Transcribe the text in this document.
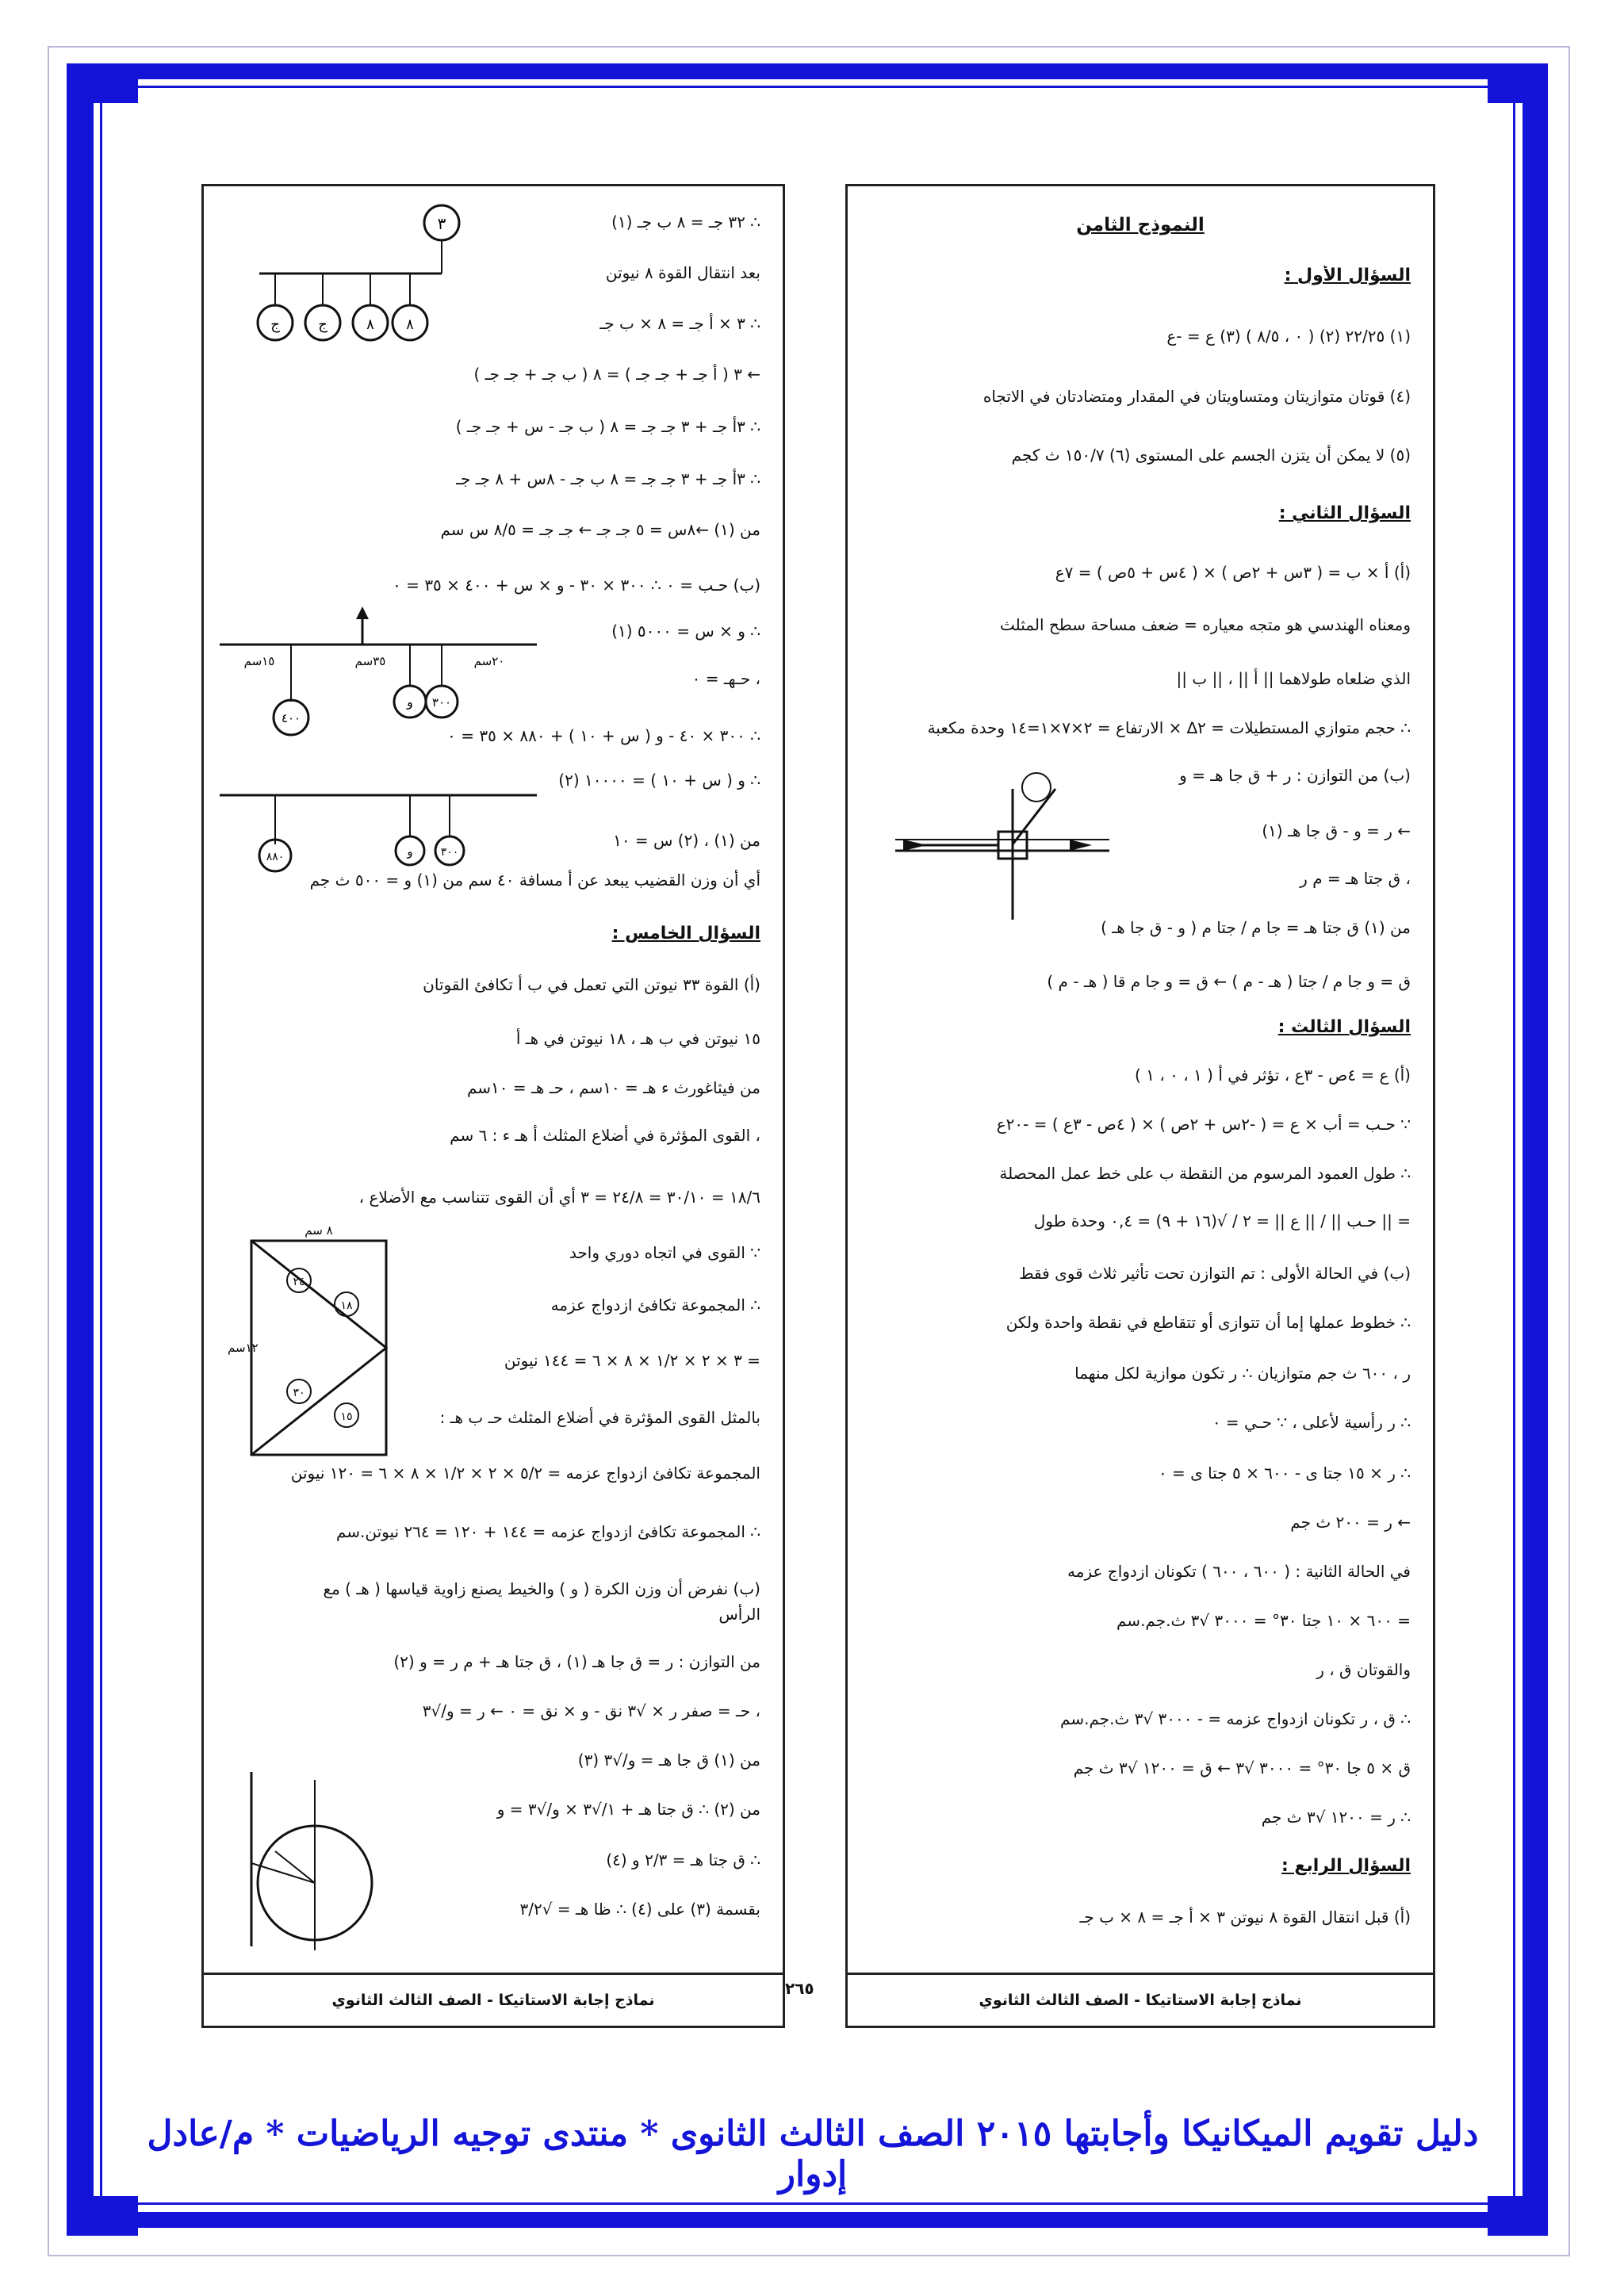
النموذج الثامن
السؤال الأول :
(١) ٢٢/٢٥ (٢) ( ٠ ، ٨/٥ ) (٣) ع = -ع
(٤) قوتان متوازيتان ومتساويتان في المقدار ومتضادتان في الاتجاه
(٥) لا يمكن أن يتزن الجسم على المستوى (٦) ١٥٠/٧ ث كجم
السؤال الثاني :
(أ) أ × ب = ( ٣س + ٢ص ) × ( ٤س + ٥ص ) = ٧ع
ومعناه الهندسي هو متجه معياره = ضعف مساحة سطح المثلث
الذي ضلعاه طولاهما || أ || ، || ب ||
∴ حجم متوازي المستطيلات = ٢∆ × الارتفاع = ٢×٧×١=١٤ وحدة مكعبة
(ب) من التوازن : ر + ق جا هـ = و
← ر = و - ق جا هـ (١)
، ق جتا هـ = م ر
من (١) ق جتا هـ = جا م / جتا م ( و - ق جا هـ )
ق = و جا م / جتا ( هـ - م ) ← ق = و جا م قا ( هـ - م )
السؤال الثالث :
(أ) ع = ٤ص - ٣ع ، تؤثر في أ ( ١ ، ٠ ، ١ )
∵ حـب = أب × ع = ( -٢س + ٢ص ) × ( ٤ص - ٣ع ) = -٢٠ع
∴ طول العمود المرسوم من النقطة ب على خط عمل المحصلة
= || حـب || / || ع || = ٢ / √(١٦ + ٩) = ٠,٤ وحدة طول
(ب) في الحالة الأولى : تم التوازن تحت تأثير ثلاث قوى فقط
∴ خطوط عملها إما أن تتوازى أو تتقاطع في نقطة واحدة ولكن
ر ، ٦٠٠ ث جم متوازيان ∴ ر تكون موازية لكل منهما
∴ ر رأسية لأعلى ، ∵ حـي = ٠
∴ ر × ١٥ جتا ى - ٦٠٠ × ٥ جتا ى = ٠
← ر = ٢٠٠ ث جم
في الحالة الثانية : ( ٦٠٠ ، ٦٠٠ ) تكونان ازدواج عزمه
= ٦٠٠ × ١٠ جتا ٣٠° = ٣٠٠٠ √٣ ث.جم.سم
والقوتان ق ، ر
∴ ق ، ر تكونان ازدواج عزمه = - ٣٠٠٠ √٣ ث.جم.سم
ق × ٥ جا ٣٠° = ٣٠٠٠ √٣ ← ق = ١٢٠٠ √٣ ث جم
∴ ر = ١٢٠٠ √٣ ث جم
السؤال الرابع :
(أ) قبل انتقال القوة ٨ نيوتن ٣ × أ جـ = ٨ × ب جـ
نماذج إجابة الاستاتيكا - الصف الثالث الثانوي
∴ ٣٢ جـ = ٨ ب جـ (١)
بعد انتقال القوة ٨ نيوتن
∴ ٣ × أ جـ = ٨ × ب جـ
← ٣ ( أ جـ + جـ جـ ) = ٨ ( ب جـ + جـ جـ )
∴ ٣أ جـ + ٣ جـ جـ = ٨ ( ب جـ - س + جـ جـ )
∴ ٣أ جـ + ٣ جـ جـ = ٨ ب جـ - ٨س + ٨ جـ جـ
من (١) ←٨س = ٥ جـ جـ ← جـ جـ = ٨/٥ س سم
(ب) حـب = ٠ ∴ ٣٠٠ × ٣٠ - و × س + ٤٠٠ × ٣٥ = ٠
∴ و × س = ٥٠٠٠ (١)
، حـهـ = ٠
∴ ٣٠٠ × ٤٠ - و ( س + ١٠ ) + ٨٨٠ × ٣٥ = ٠
∴ و ( س + ١٠ ) = ١٠٠٠٠ (٢)
من (١) ، (٢) س = ١٠
أي أن وزن القضيب يبعد عن أ مسافة ٤٠ سم من (١) و = ٥٠٠ ث جم
السؤال الخامس :
(أ) القوة ٣٣ نيوتن التي تعمل في ب أ تكافئ القوتان
١٥ نيوتن في ب هـ ، ١٨ نيوتن في هـ أ
من فيثاغورث ء هـ = ١٠سم ، حـ هـ = ١٠سم
، القوى المؤثرة في أضلاع المثلث أ هـ ء : ٦ سم
١٨/٦ = ٣٠/١٠ = ٢٤/٨ = ٣ أي أن القوى تتناسب مع الأضلاع ،
∵ القوى في اتجاه دوري واحد
∴ المجموعة تكافئ ازدواج عزمه
= ٣ × ٢ × ١/٢ × ٨ × ٦ = ١٤٤ نيوتن
بالمثل القوى المؤثرة في أضلاع المثلث حـ ب هـ :
المجموعة تكافئ ازدواج عزمه = ٥/٢ × ٢ × ١/٢ × ٨ × ٦ = ١٢٠ نيوتن
∴ المجموعة تكافئ ازدواج عزمه = ١٤٤ + ١٢٠ = ٢٦٤ نيوتن.سم
(ب) نفرض أن وزن الكرة ( و ) والخيط يصنع زاوية قياسها ( هـ ) مع
الرأس
من التوازن : ر = ق جا هـ (١) ، ق جتا هـ + م ر = و (٢)
، حـ = صفر ر × √٣ نق - و × نق = ٠ ← ر = و/√٣
من (١) ق جا هـ = و/√٣ (٣)
من (٢) ∴ ق جتا هـ + ١/√٣ × و/√٣ = و
∴ ق جتا هـ = ٢/٣ و (٤)
بقسمة (٣) على (٤) ∴ ظا هـ = √٣/٢
٣
ج	ج	٨ ٨
٤٠٠
و ٣٠٠
١٥سم	٣٥سم	٢٠سم
٨٨٠	و	٣٠٠
٢٤
١٨
٣٠
١٥
٨ سم
١٢سم
نماذج إجابة الاستاتيكا - الصف الثالث الثانوي
٢٦٥
دليل تقويم الميكانيكا وأجابتها ٢٠١٥ الصف الثالث الثانوى * منتدى توجيه الرياضيات * م/عادل إدوار
